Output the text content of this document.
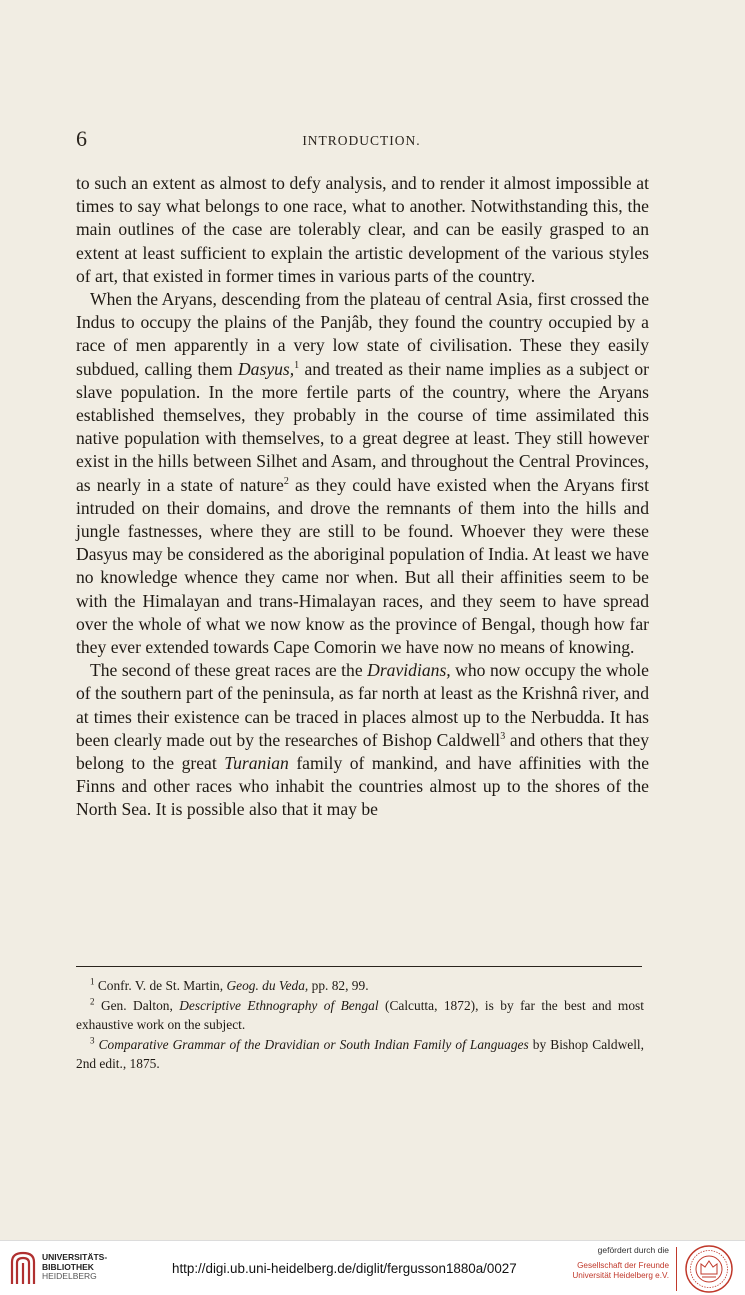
6	INTRODUCTION.

to such an extent as almost to defy analysis, and to render it almost impossible at times to say what belongs to one race, what to another. Notwithstanding this, the main outlines of the case are tolerably clear, and can be easily grasped to an extent at least sufficient to explain the artistic development of the various styles of art, that existed in former times in various parts of the country.

When the Aryans, descending from the plateau of central Asia, first crossed the Indus to occupy the plains of the Panjâb, they found the country occupied by a race of men apparently in a very low state of civilisation. These they easily subdued, calling them Dasyus,$^1$ and treated as their name implies as a subject or slave population. In the more fertile parts of the country, where the Aryans established themselves, they probably in the course of time assimilated this native population with themselves, to a great degree at least. They still however exist in the hills between Silhet and Asam, and throughout the Central Provinces, as nearly in a state of nature$^2$ as they could have existed when the Aryans first intruded on their domains, and drove the remnants of them into the hills and jungle fastnesses, where they are still to be found. Whoever they were these Dasyus may be considered as the aboriginal population of India. At least we have no knowledge whence they came nor when. But all their affinities seem to be with the Himalayan and trans-Himalayan races, and they seem to have spread over the whole of what we now know as the province of Bengal, though how far they ever extended towards Cape Comorin we have now no means of knowing.

The second of these great races are the Dravidians, who now occupy the whole of the southern part of the peninsula, as far north at least as the Krishnâ river, and at times their existence can be traced in places almost up to the Nerbudda. It has been clearly made out by the researches of Bishop Caldwell$^3$ and others that they belong to the great Turanian family of mankind, and have affinities with the Finns and other races who inhabit the countries almost up to the shores of the North Sea. It is possible also that it may be

$^1$ Confr. V. de St. Martin, Geog. du Veda, pp. 82, 99.

$^2$ Gen. Dalton, Descriptive Ethnography of Bengal (Calcutta, 1872), is by far the best and most exhaustive work on the subject.

$^3$ Comparative Grammar of the Dravidian or South Indian Family of Languages by Bishop Caldwell, 2nd edit., 1875.

UNIVERSITÄTS-
BIBLIOTHEK
HEIDELBERG	http://digi.ub.uni-heidelberg.de/diglit/fergusson1880a/0027
gefördert durch die
Gesellschaft der Freunde
Universität Heidelberg e.V.
